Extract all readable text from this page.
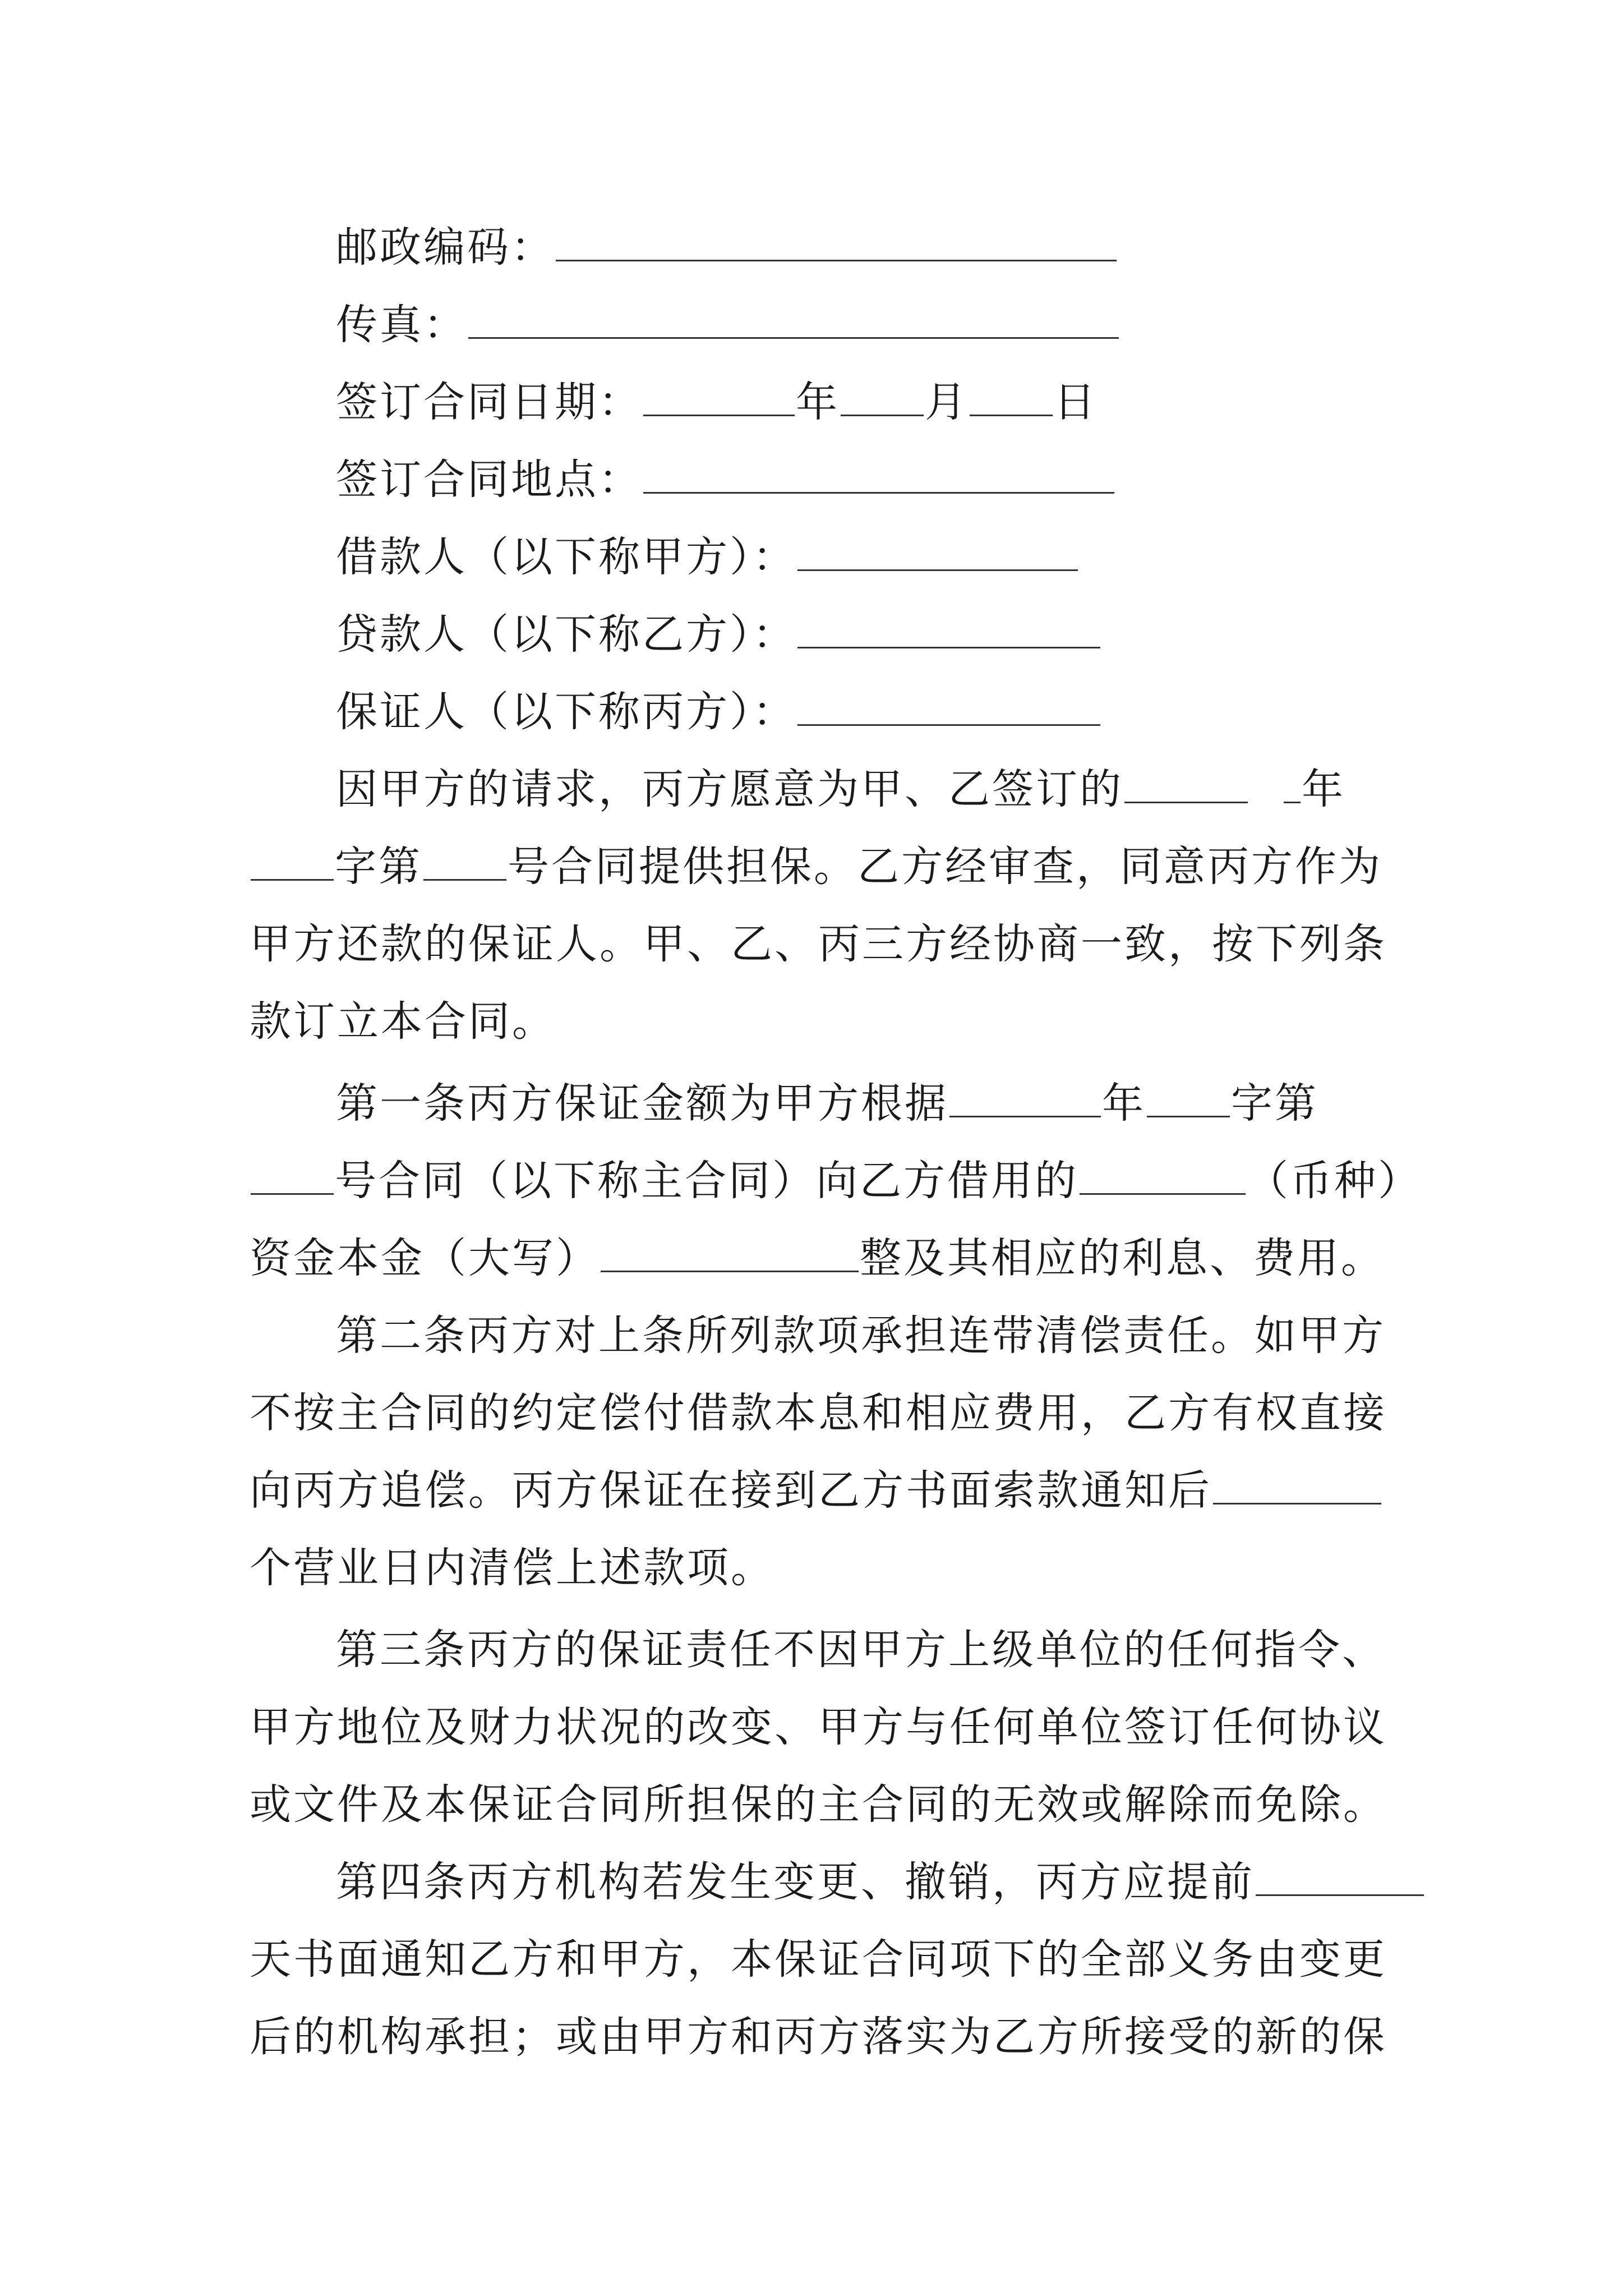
邮政编码：
传真：
签订合同日期：	年 月 日
签订合同地点：
借款人（以下称甲方）：
贷款人（以下称乙方）：
保证人（以下称丙方）：
因甲方的请求，丙方愿意为甲、乙签订的	年
字第 号合同提供担保。乙方经审查，同意丙方作为
甲方还款的保证人。甲、乙、丙三方经协商一致，按下列条
款订立本合同。
第一条丙方保证金额为甲方根据	年 字第
号合同（以下称主合同）向乙方借用的	（币种）
资金本金（大写）	整及其相应的利息、费用。
第二条丙方对上条所列款项承担连带清偿责任。如甲方
不按主合同的约定偿付借款本息和相应费用，乙方有权直接
向丙方追偿。丙方保证在接到乙方书面索款通知后
个营业日内清偿上述款项。
第三条丙方的保证责任不因甲方上级单位的任何指令、
甲方地位及财力状况的改变、甲方与任何单位签订任何协议
或文件及本保证合同所担保的主合同的无效或解除而免除。
第四条丙方机构若发生变更、撤销，丙方应提前
天书面通知乙方和甲方，本保证合同项下的全部义务由变更
后的机构承担；或由甲方和丙方落实为乙方所接受的新的保
